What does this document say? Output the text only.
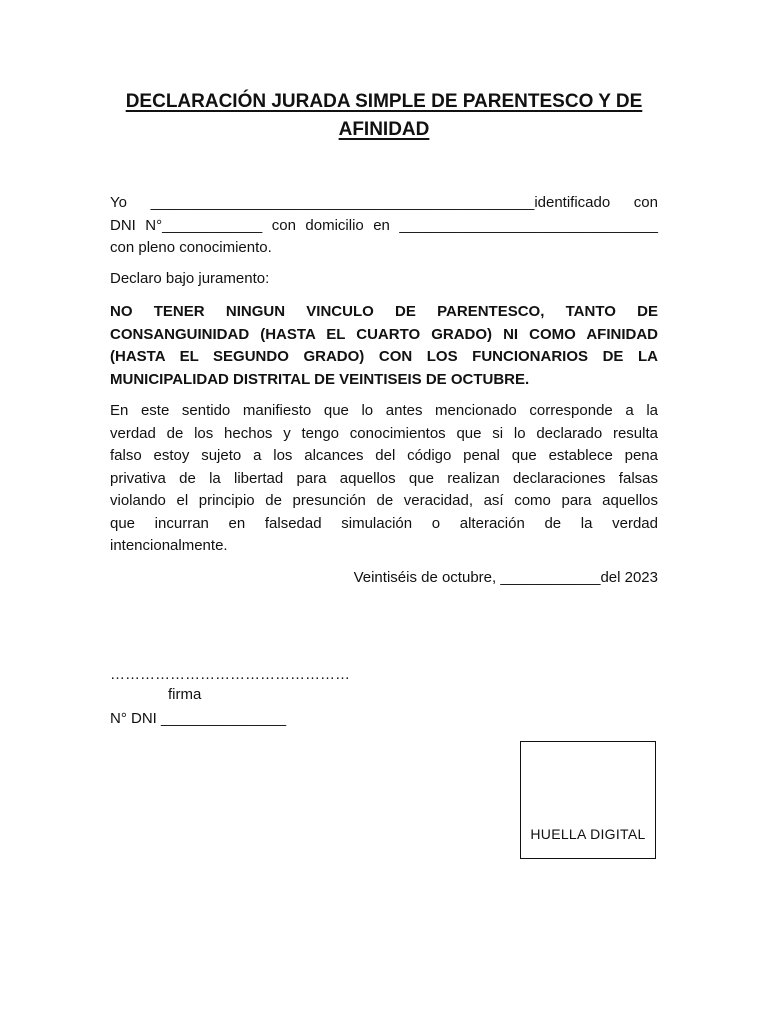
DECLARACIÓN JURADA SIMPLE DE PARENTESCO Y DE
AFINIDAD
Yo ______________________________________________identificado con
DNI N°____________ con domicilio en _______________________________
con pleno conocimiento.
Declaro bajo juramento:
NO TENER NINGUN VINCULO DE PARENTESCO, TANTO DE
CONSANGUINIDAD (HASTA EL CUARTO GRADO) NI COMO AFINIDAD
(HASTA EL SEGUNDO GRADO) CON LOS FUNCIONARIOS DE LA
MUNICIPALIDAD DISTRITAL DE VEINTISEIS DE OCTUBRE.
En este sentido manifiesto que lo antes mencionado corresponde a la
verdad de los hechos y tengo conocimientos que si lo declarado resulta
falso estoy sujeto a los alcances del código penal que establece pena
privativa de la libertad para aquellos que realizan declaraciones falsas
violando el principio de presunción de veracidad, así como para aquellos
que incurran en falsedad simulación o alteración de la verdad
intencionalmente.
Veintiséis de octubre, ____________del 2023
…………………………………………
firma
N° DNI _______________
HUELLA DIGITAL
